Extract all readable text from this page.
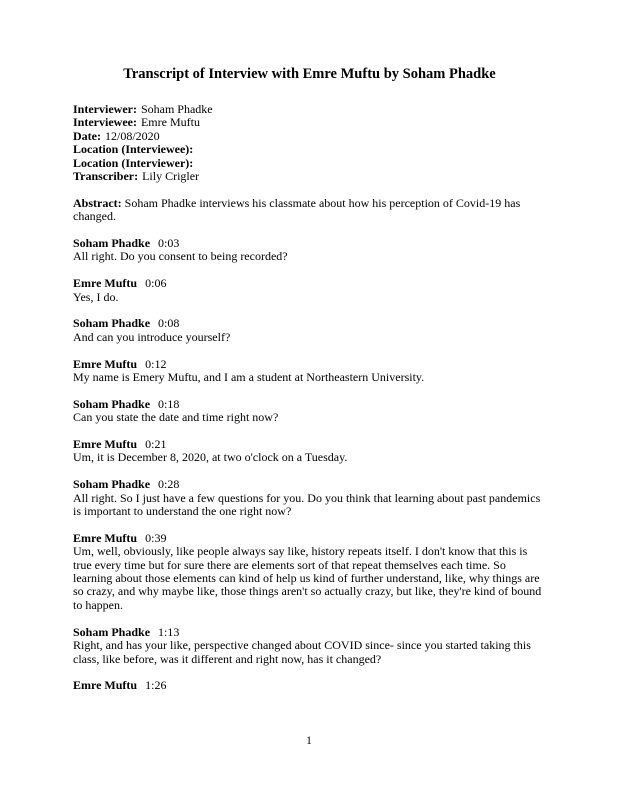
Transcript of Interview with Emre Muftu by Soham Phadke
Interviewer: Soham Phadke
Interviewee: Emre Muftu
Date: 12/08/2020
Location (Interviewee):
Location (Interviewer):
Transcriber: Lily Crigler
Abstract: Soham Phadke interviews his classmate about how his perception of Covid-19 has changed.
Soham Phadke 0:03
All right. Do you consent to being recorded?
Emre Muftu 0:06
Yes, I do.
Soham Phadke 0:08
And can you introduce yourself?
Emre Muftu 0:12
My name is Emery Muftu, and I am a student at Northeastern University.
Soham Phadke 0:18
Can you state the date and time right now?
Emre Muftu 0:21
Um, it is December 8, 2020, at two o'clock on a Tuesday.
Soham Phadke 0:28
All right. So I just have a few questions for you. Do you think that learning about past pandemics is important to understand the one right now?
Emre Muftu 0:39
Um, well, obviously, like people always say like, history repeats itself. I don't know that this is true every time but for sure there are elements sort of that repeat themselves each time. So learning about those elements can kind of help us kind of further understand, like, why things are so crazy, and why maybe like, those things aren't so actually crazy, but like, they're kind of bound to happen.
Soham Phadke 1:13
Right, and has your like, perspective changed about COVID since- since you started taking this class, like before, was it different and right now, has it changed?
Emre Muftu 1:26
1
